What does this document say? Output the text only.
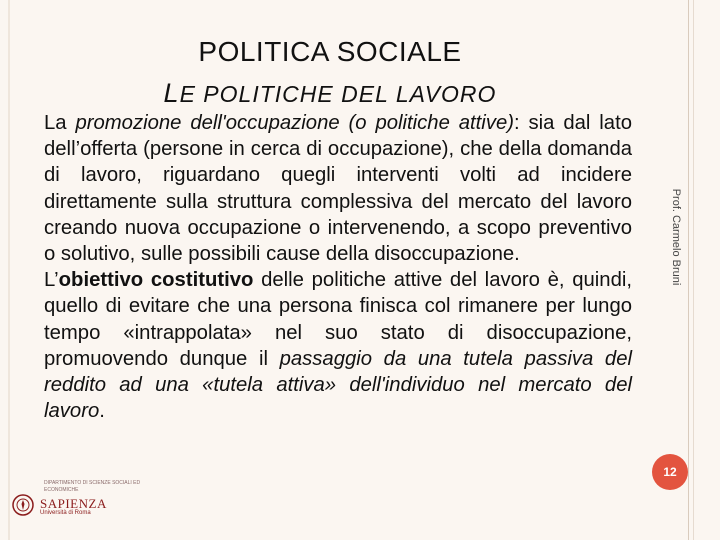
POLITICA SOCIALE
LE POLITICHE DEL LAVORO

La promozione dell'occupazione (o politiche attive): sia dal lato dell’offerta (persone in cerca di occupazione), che della domanda di lavoro, riguardano quegli interventi volti ad incidere direttamente sulla struttura complessiva del mercato del lavoro creando nuova occupazione o intervenendo, a scopo preventivo o solutivo, sulle possibili cause della disoccupazione.

L’obiettivo costitutivo delle politiche attive del lavoro è, quindi, quello di evitare che una persona finisca col rimanere per lungo tempo «intrappolata» nel suo stato di disoccupazione, promuovendo dunque il passaggio da una tutela passiva del reddito ad una «tutela attiva» dell'individuo nel mercato del lavoro.

Prof. Carmelo Bruni
12
DIPARTIMENTO DI SCIENZE SOCIALI ED ECONOMICHE
SAPIENZA
Università di Roma
